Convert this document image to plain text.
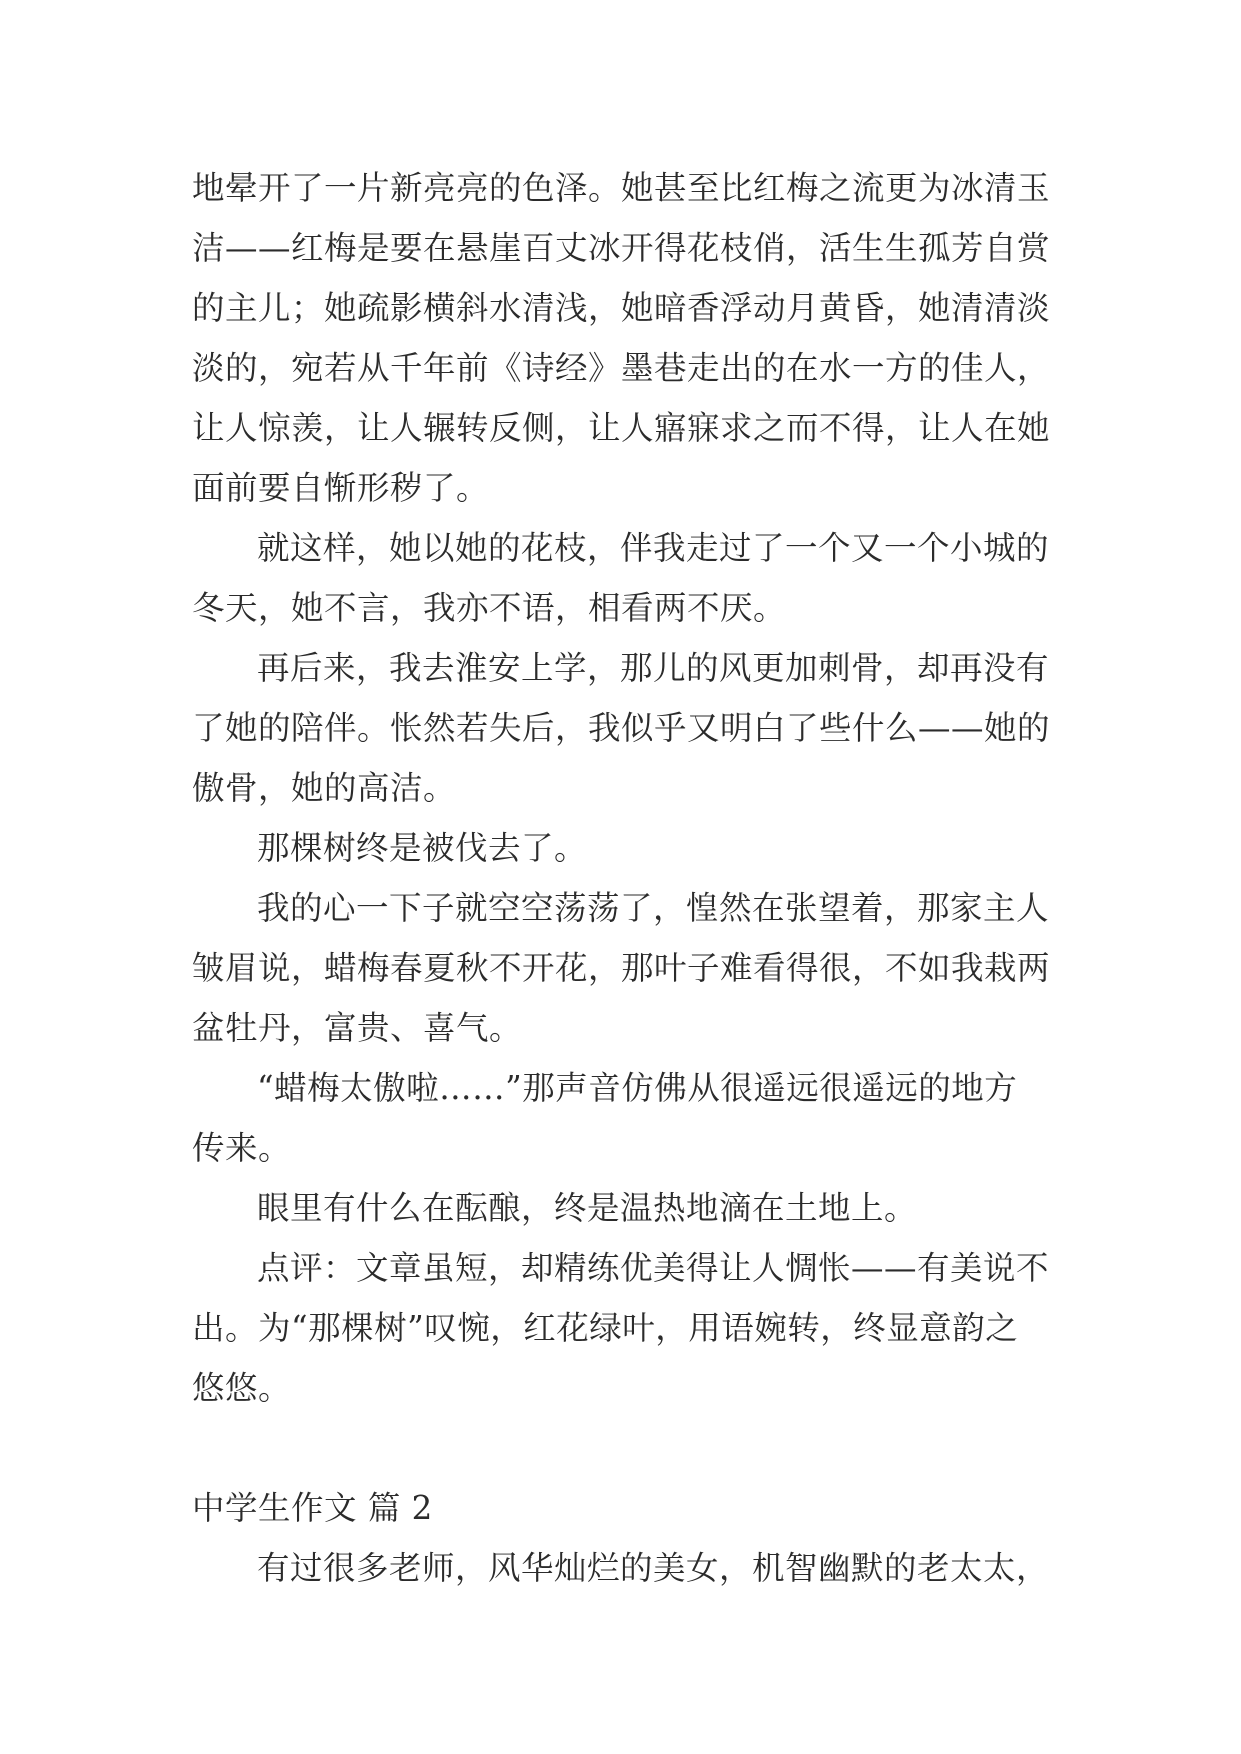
地晕开了一片新亮亮的色泽。她甚至比红梅之流更为冰清玉
洁——红梅是要在悬崖百丈冰开得花枝俏，活生生孤芳自赏
的主儿；她疏影横斜水清浅，她暗香浮动月黄昏，她清清淡
淡的，宛若从千年前《诗经》墨巷走出的在水一方的佳人，
让人惊羡，让人辗转反侧，让人寤寐求之而不得，让人在她
面前要自惭形秽了。
就这样，她以她的花枝，伴我走过了一个又一个小城的
冬天，她不言，我亦不语，相看两不厌。
再后来，我去淮安上学，那儿的风更加刺骨，却再没有
了她的陪伴。怅然若失后，我似乎又明白了些什么——她的
傲骨，她的高洁。
那棵树终是被伐去了。
我的心一下子就空空荡荡了，惶然在张望着，那家主人
皱眉说，蜡梅春夏秋不开花，那叶子难看得很，不如我栽两
盆牡丹，富贵、喜气。
“蜡梅太傲啦……”那声音仿佛从很遥远很遥远的地方
传来。
眼里有什么在酝酿，终是温热地滴在土地上。
点评：文章虽短，却精练优美得让人惆怅——有美说不
出。为“那棵树”叹惋，红花绿叶，用语婉转，终显意韵之
悠悠。
中学生作文 篇 2
有过很多老师，风华灿烂的美女，机智幽默的老太太，
